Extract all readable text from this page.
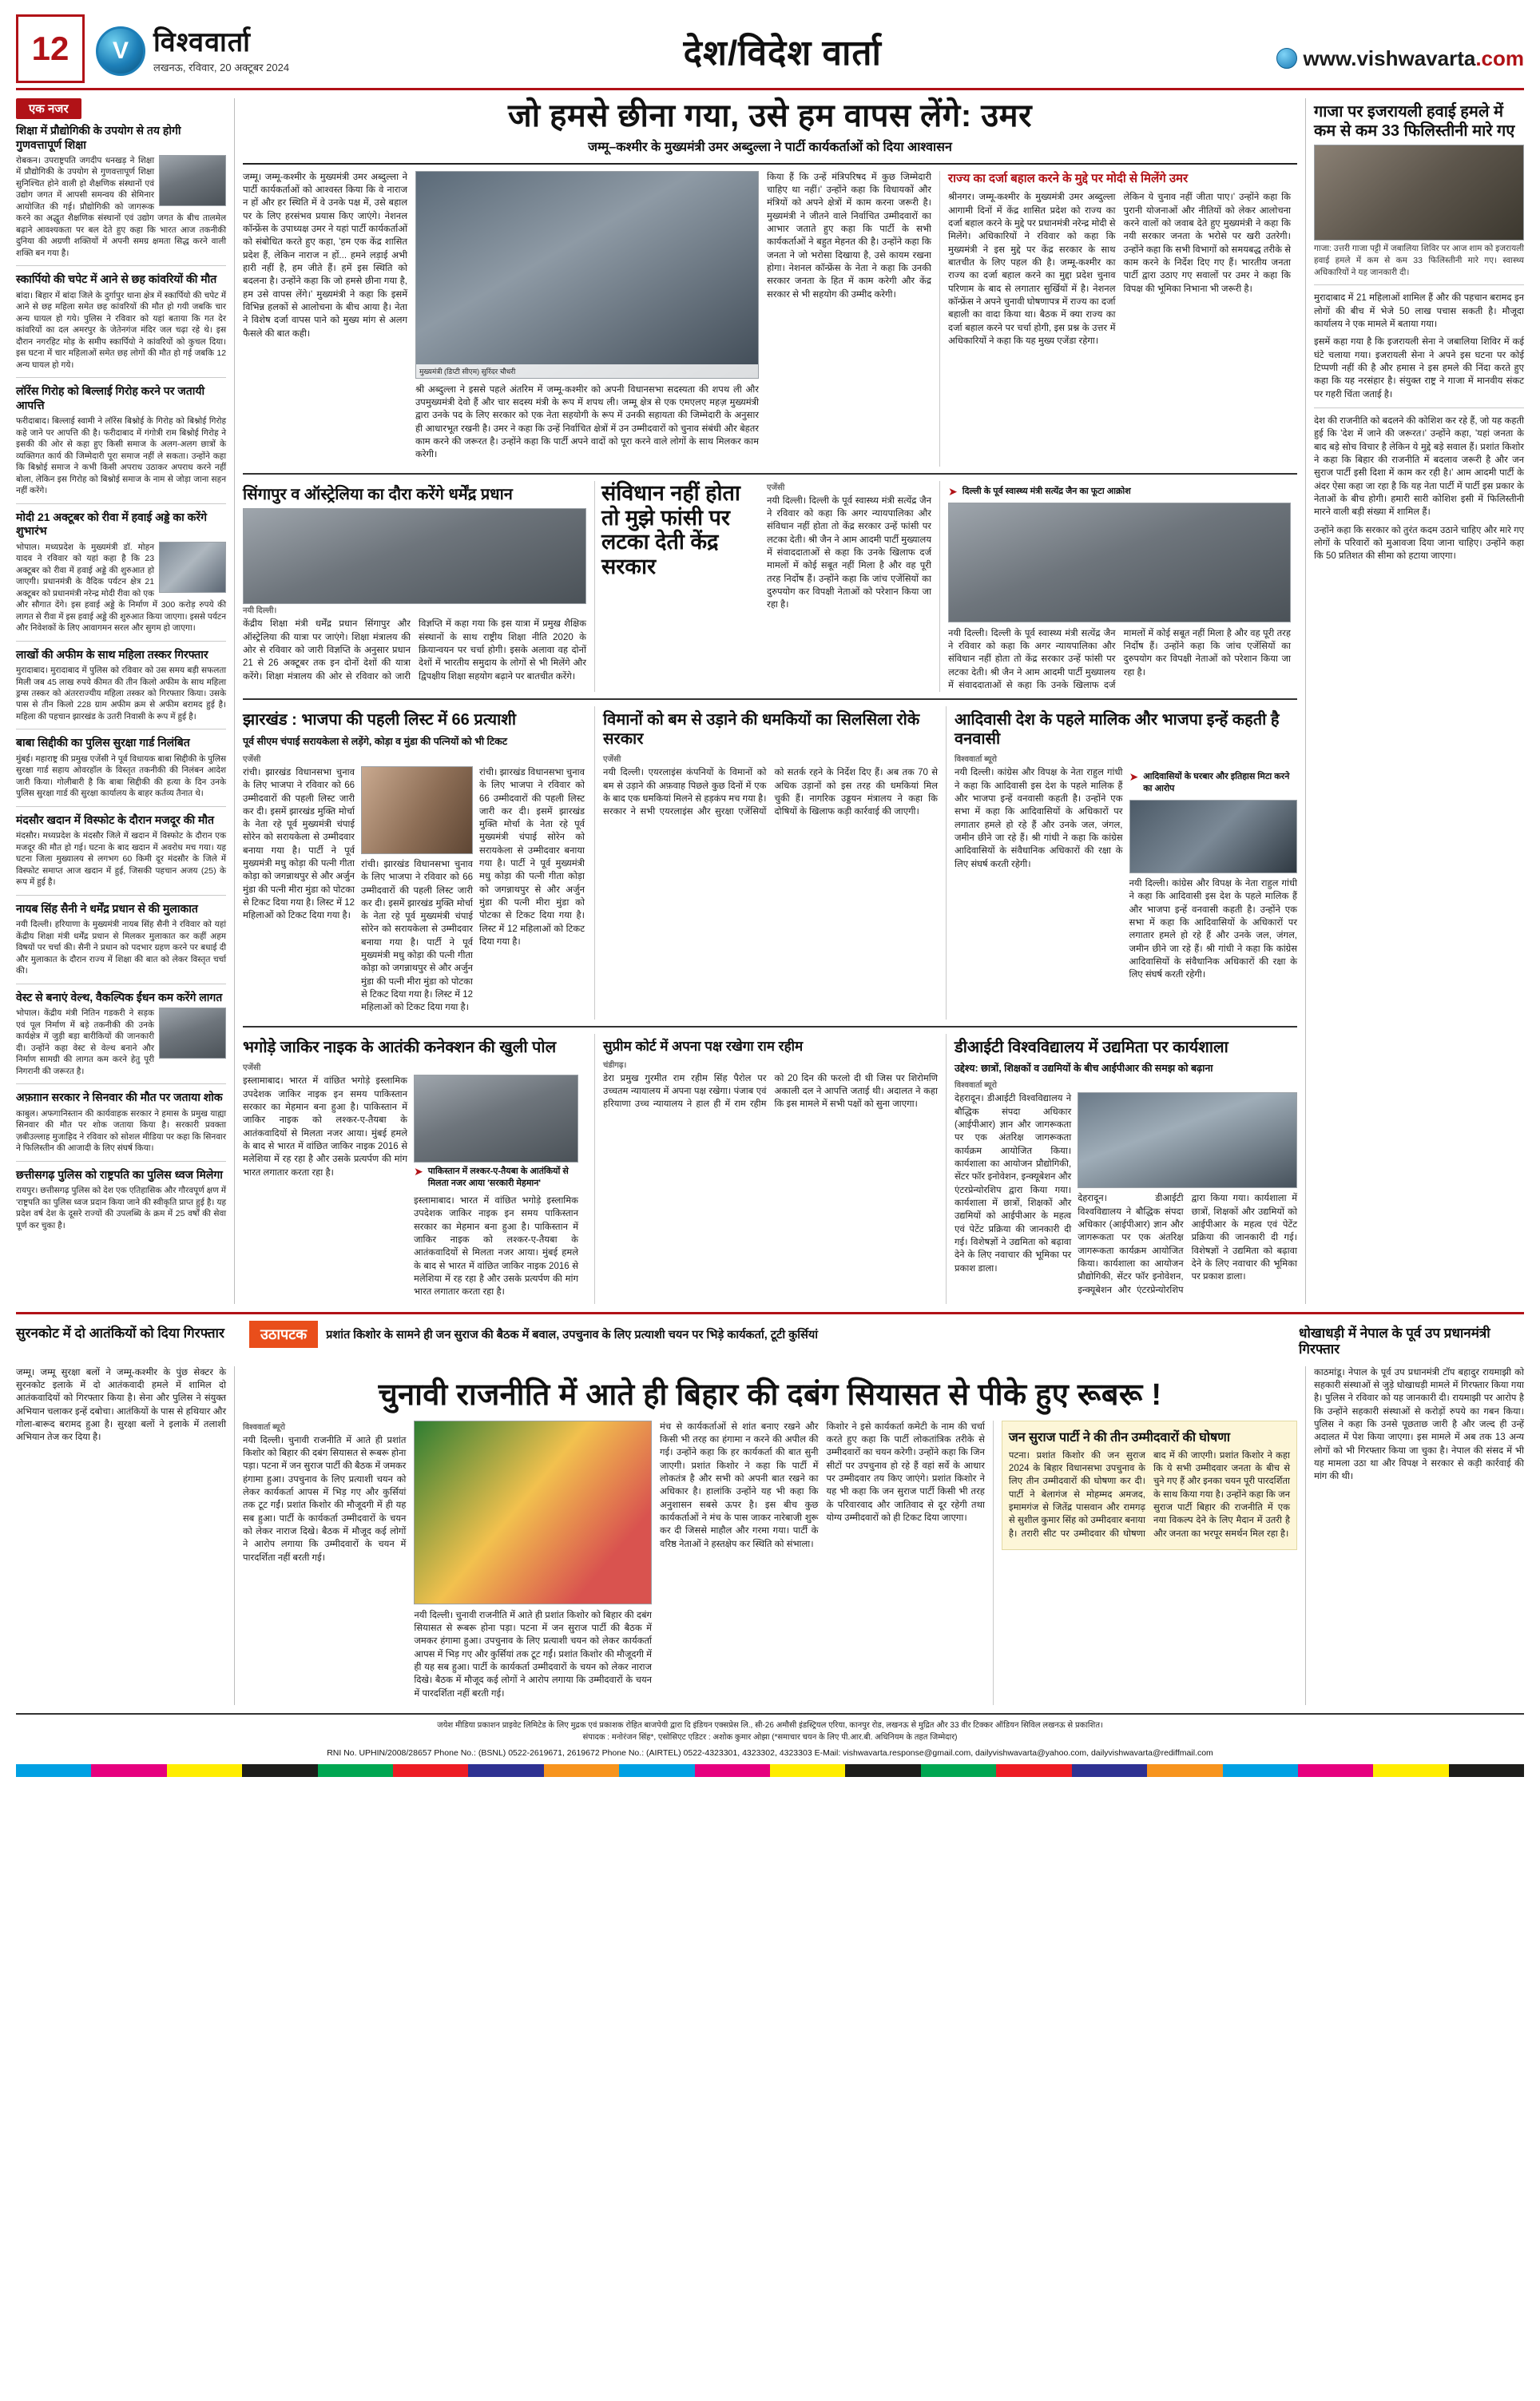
12	V विश्ववार्ता
लखनऊ, रविवार, 20 अक्टूबर 2024	देश/विदेश वार्ता	www.vishwavarta.com
एक नजर
शिक्षा में प्रौद्योगिकी के उपयोग से तय होगी गुणवत्तापूर्ण शिक्षा
रोबकन। उपराष्ट्रपति जगदीप धनखड़ ने शिक्षा में प्रौद्योगिकी के उपयोग से गुणवत्तापूर्ण शिक्षा सुनिश्चित होने वाली हो शैक्षणिक संस्थानों एवं उद्योग जगत में आपसी समन्वय की सेमिनार आयोजित की गई। प्रौद्योगिकी को जागरूक करने का अद्धुत शैक्षणिक संस्थानों एवं उद्योग जगत के बीच तालमेल बढ़ाने आवश्यकता पर बल देते हुए कहा कि भारत आज तकनीकी दुनिया की अग्रणी शक्तियों में अपनी समग्र क्षमता सिद्ध करने वाली शक्ति बन गया है।
स्कार्पियो की चपेट में आने से छह कांवरियों की मौत
बांदा। बिहार में बांदा जिले के दुर्गापुर थाना क्षेत्र में स्कार्पियो की चपेट में आने से छह महिला समेत छह कांवरियों की मौत हो गयी जबकि चार अन्य घायल हो गये। पुलिस ने रविवार को यहां बताया कि गत देर कांवरियों का दल अमरपुर के जेतेनगंज मंदिर जल चढ़ा रहे थे। इस दौरान नगरहिट मोड़ के समीप स्कार्पियो ने कांवरियों को कुचल दिया। इस घटना में चार महिलाओं समेत छह लोगों की मौत हो गई जबकि 12 अन्य घायल हो गये।
लॉरेंस गिरोह को बिल्लाई गिरोह करने पर जतायी आपत्ति
फरीदाबाद। बिल्लाई स्वामी ने लॉरेंस बिश्नोई के गिरोह को बिश्नोई गिरोह कहे जाने पर आपत्ति की है। फरीदाबाद में गंगोत्री राम बिश्नोई गिरोह ने इसकी की ओर से कहा हुए किसी समाज के अलग-अलग छात्रों के व्यक्तिगत कार्य की जिम्मेदारी पूरा समाज नहीं ले सकता। उन्होंने कहा कि बिश्नोई समाज ने कभी किसी अपराध उठाकर अपराध करने नहीं बोला, लेकिन इस गिरोह को बिश्नोई समाज के नाम से जोड़ा जाना सहन नहीं करेंगे।
मोदी 21 अक्टूबर को रीवा में हवाई अड्डे का करेंगे शुभारंभ
भोपाल। मध्यप्रदेश के मुख्यमंत्री डॉ. मोहन यादव ने रविवार को यहां कहा है कि 23 अक्टूबर को रीवा में हवाई अड्डे की शुरुआत हो जाएगी। प्रधानमंत्री के वैदिक पर्यटन क्षेत्र 21 अक्टूबर को प्रधानमंत्री नरेन्द्र मोदी रीवा को एक और सौगात देंगे। इस हवाई अड्डे के निर्माण में 300 करोड़ रुपये की लागत से रीवा में इस हवाई अड्डे की शुरुआत किया जाएगा। इससे पर्यटन और निवेशकों के लिए आवागमन सरल और सुगम हो जाएगा।
लाखों की अफीम के साथ महिला तस्कर गिरफ्तार
मुरादाबाद। मुरादाबाद में पुलिस को रविवार को उस समय बड़ी सफलता मिली जब 45 लाख रुपये कीमत की तीन किलो अफीम के साथ महिला ड्रग्स तस्कर को अंतरराज्यीय महिला तस्कर को गिरफ्तार किया। उसके पास से तीन किलो 228 ग्राम अफीम क्रम से अफीम बरामद हुई है। महिला की पहचान झारखंड के उतरी निवासी के रूप में हुई है।
बाबा सिद्दीकी का पुलिस सुरक्षा गार्ड निलंबित
मुंबई। महाराष्ट्र की प्रमुख एजेंसी ने पूर्व विधायक बाबा सिद्दीकी के पुलिस सुरक्षा गार्ड सहाय ओवरहॉल के विस्तृत तकनीकी की निलंबन आदेश जारी किया। गोलीबारी है कि बाबा सिद्दीकी की हत्या के दिन उनके पुलिस सुरक्षा गार्ड की सुरक्षा कार्यालय के बाहर कर्तव्य तैनात थे।
मंदसौर खदान में विस्फोट के दौरान मजदूर की मौत
मंदसौर। मध्यप्रदेश के मंदसौर जिले में खदान में विस्फोट के दौरान एक मजदूर की मौत हो गई। घटना के बाद खदान में अवरोध मच गया। यह घटना जिला मुख्यालय से लगभग 60 किमी दूर मंदसौर के जिले में विस्फोट समाप्त आज खदान में हुई, जिसकी पहचान अजय (25) के रूप में हुई है।
नायब सिंह सैनी ने धर्मेंद्र प्रधान से की मुलाकात
नयी दिल्ली। हरियाणा के मुख्यमंत्री नायब सिंह सैनी ने रविवार को यहां केंद्रीय शिक्षा मंत्री धर्मेंद्र प्रधान से मिलकर मुलाकात कर कहीं अहम विषयों पर चर्चा की। सैनी ने प्रधान को पदभार ग्रहण करने पर बधाई दी और मुलाकात के दौरान राज्य में शिक्षा की बात को लेकर विस्तृत चर्चा की।
वेस्ट से बनाएं वेल्थ, वैकल्पिक ईंधन कम करेंगे लागत
भोपाल। केंद्रीय मंत्री नितिन गडकरी ने सड़क एवं पूल निर्माण में बड़े तकनीकी की उनके कार्यक्षेत्र में जुड़ी बड़ा बारीकियों की जानकारी दी। उन्होंने कहा वेस्ट से वेल्थ बनाने और निर्माण सामग्री की लागत कम करने हेतु पूरी निगरानी की जरूरत है।
अफ़ग़ान सरकार ने सिनवार की मौत पर जताया शोक
काबुल। अफगानिस्तान की कार्यवाहक सरकार ने हमास के प्रमुख याह्या सिनवार की मौत पर शोक जताया किया है। सरकारी प्रवक्ता ज़बीउल्लाह मुजाहिद ने रविवार को सोशल मीडिया पर कहा कि सिनवार ने फिलिस्तीन की आजादी के लिए संघर्ष किया।
छत्तीसगढ़ पुलिस को राष्ट्रपति का पुलिस ध्वज मिलेगा
रायपुर। छत्तीसगढ़ पुलिस को देश एक एतिहासिक और गौरवपूर्ण क्षण में 'राष्ट्रपति का पुलिस ध्वज प्रदान किया जाने की स्वीकृति प्राप्त हुई है। यह प्रदेश वर्ष देश के दूसरे राज्यों की उपलब्धि के क्रम में 25 वर्षों की सेवा पूर्ण कर चुका है।
जो हमसे छीना गया, उसे हम वापस लेंगे: उमर
जम्मू–कश्मीर के मुख्यमंत्री उमर अब्दुल्ला ने पार्टी कार्यकर्ताओं को दिया आश्वासन

जम्मू। जम्मू-कश्मीर के मुख्यमंत्री उमर अब्दुल्ला ने पार्टी कार्यकर्ताओं को आश्वस्त किया कि वे नाराज न हों और हर स्थिति में वे उनके पक्ष में, उसे बहाल पर के लिए हरसंभव प्रयास किए जाएंगे। नेशनल कॉन्फ्रेंस के उपाध्यक्ष उमर ने यहां पार्टी कार्यकर्ताओं को संबोधित करते हुए कहा, 'हम एक केंद्र शासित प्रदेश हैं, लेकिन नाराज न हों... हमने लड़ाई अभी हारी नहीं है, हम जीते हैं। हमें इस स्थिति को बदलना है। उन्होंने कहा कि जो हमसे छीना गया है, हम उसे वापस लेंगे।' मुख्यमंत्री ने कहा कि इसमें विभिन्न हलकों से आलोचना के बीच आया है। नेता ने विशेष दर्जा वापस पाने को मुख्य मांग से अलग फैसले की बात कही।

मुख्यमंत्री (डिप्टी सीएम) सुरिंदर चौधरी

श्री अब्दुल्ला ने इससे पहले अंतरिम में जम्मू-कश्मीर को अपनी विधानसभा सदस्यता की शपथ ली और उपमुख्यमंत्री देवो हैं और चार सदस्य मंत्री के रूप में शपथ ली। जम्मू क्षेत्र से एक एमएलए महज़ मुख्यमंत्री द्वारा उनके पद के लिए सरकार को एक नेता सहयोगी के रूप में उनकी सहायता की जिम्मेदारी के अनुसार ही आधारभूत रखनी है। उमर ने कहा कि उन्हें निर्वाचित क्षेत्रों में उन उम्मीदवारों को चुनाव संबंधी और बेहतर काम करने की जरूरत है। उन्होंने कहा कि पार्टी अपने वादों को पूरा करने वाले लोगों के साथ मिलकर काम करेगी।

किया हैं कि उन्हें मंत्रिपरिषद में कुछ जिम्मेदारी चाहिए था नहीं।' उन्होंने कहा कि विधायकों और मंत्रियों को अपने क्षेत्रों में काम करना जरूरी है। मुख्यमंत्री ने जीतने वाले निर्वाचित उम्मीदवारों का आभार जताते हुए कहा कि पार्टी के सभी कार्यकर्ताओं ने बहुत मेहनत की है। उन्होंने कहा कि जनता ने जो भरोसा दिखाया है, उसे कायम रखना होगा। नेशनल कॉन्फ्रेंस के नेता ने कहा कि उनकी सरकार जनता के हित में काम करेगी और केंद्र सरकार से भी सहयोग की उम्मीद करेगी।

राज्य का दर्जा बहाल करने के मुद्दे पर मोदी से मिलेंगे उमर

श्रीनगर। जम्मू-कश्मीर के मुख्यमंत्री उमर अब्दुल्ला आगामी दिनों में केंद्र शासित प्रदेश को राज्य का दर्जा बहाल करने के मुद्दे पर प्रधानमंत्री नरेन्द्र मोदी से मिलेंगे। अधिकारियों ने रविवार को कहा कि मुख्यमंत्री ने इस मुद्दे पर केंद्र सरकार के साथ बातचीत के लिए पहल की है। जम्मू-कश्मीर का राज्य का दर्जा बहाल करने का मुद्दा प्रदेश चुनाव परिणाम के बाद से लगातार सुर्खियों में है। नेशनल कॉन्फ्रेंस ने अपने चुनावी घोषणापत्र में राज्य का दर्जा बहाली का वादा किया था। बैठक में क्या राज्य का दर्जा बहाल करने पर चर्चा होगी, इस प्रश्न के उत्तर में अधिकारियों ने कहा कि यह मुख्य एजेंडा रहेगा।

लेकिन ये चुनाव नहीं जीता पाए।' उन्होंने कहा कि पुरानी योजनाओं और नीतियों को लेकर आलोचना करने वालों को जवाब देते हुए मुख्यमंत्री ने कहा कि नयी सरकार जनता के भरोसे पर खरी उतरेगी। उन्होंने कहा कि सभी विभागों को समयबद्ध तरीके से काम करने के निर्देश दिए गए हैं। भारतीय जनता पार्टी द्वारा उठाए गए सवालों पर उमर ने कहा कि विपक्ष की भूमिका निभाना भी जरूरी है।

सिंगापुर व ऑस्ट्रेलिया का दौरा करेंगे धर्मेंद्र प्रधान
नयी दिल्ली।

केंद्रीय शिक्षा मंत्री धर्मेंद्र प्रधान सिंगापुर और ऑस्ट्रेलिया की यात्रा पर जाएंगे। शिक्षा मंत्रालय की ओर से रविवार को जारी विज्ञप्ति के अनुसार प्रधान 21 से 26 अक्टूबर तक इन दोनों देशों की यात्रा करेंगे। शिक्षा मंत्रालय की ओर से रविवार को जारी विज्ञप्ति में कहा गया कि इस यात्रा में प्रमुख शैक्षिक संस्थानों के साथ राष्ट्रीय शिक्षा नीति 2020 के क्रियान्वयन पर चर्चा होगी। इसके अलावा वह दोनों देशों में भारतीय समुदाय के लोगों से भी मिलेंगे और द्विपक्षीय शिक्षा सहयोग बढ़ाने पर बातचीत करेंगे।

संविधान नहीं होता तो मुझे फांसी पर लटका देती केंद्र सरकार
एजेंसी

नयी दिल्ली। दिल्ली के पूर्व स्वास्थ्य मंत्री सत्येंद्र जैन ने रविवार को कहा कि अगर न्यायपालिका और संविधान नहीं होता तो केंद्र सरकार उन्हें फांसी पर लटका देती। श्री जैन ने आम आदमी पार्टी मुख्यालय में संवाददाताओं से कहा कि उनके खिलाफ दर्ज मामलों में कोई सबूत नहीं मिला है और वह पूरी तरह निर्दोष हैं। उन्होंने कहा कि जांच एजेंसियों का दुरुपयोग कर विपक्षी नेताओं को परेशान किया जा रहा है।

➤ दिल्ली के पूर्व स्वास्थ्य मंत्री सत्येंद्र जैन का फूटा आक्रोश

नयी दिल्ली। दिल्ली के पूर्व स्वास्थ्य मंत्री सत्येंद्र जैन ने रविवार को कहा कि अगर न्यायपालिका और संविधान नहीं होता तो केंद्र सरकार उन्हें फांसी पर लटका देती। श्री जैन ने आम आदमी पार्टी मुख्यालय में संवाददाताओं से कहा कि उनके खिलाफ दर्ज मामलों में कोई सबूत नहीं मिला है और वह पूरी तरह निर्दोष हैं। उन्होंने कहा कि जांच एजेंसियों का दुरुपयोग कर विपक्षी नेताओं को परेशान किया जा रहा है।

झारखंड : भाजपा की पहली लिस्ट में 66 प्रत्याशी
पूर्व सीएम चंपाई सरायकेला से लड़ेंगे, कोड़ा व मुंडा की पत्नियों को भी टिकट
एजेंसी

रांची। झारखंड विधानसभा चुनाव के लिए भाजपा ने रविवार को 66 उम्मीदवारों की पहली लिस्ट जारी कर दी। इसमें झारखंड मुक्ति मोर्चा के नेता रहे पूर्व मुख्यमंत्री चंपाई सोरेन को सरायकेला से उम्मीदवार बनाया गया है। पार्टी ने पूर्व मुख्यमंत्री मधु कोड़ा की पत्नी गीता कोड़ा को जगन्नाथपुर से और अर्जुन मुंडा की पत्नी मीरा मुंडा को पोटका से टिकट दिया गया है। लिस्ट में 12 महिलाओं को टिकट दिया गया है।

रांची। झारखंड विधानसभा चुनाव के लिए भाजपा ने रविवार को 66 उम्मीदवारों की पहली लिस्ट जारी कर दी। इसमें झारखंड मुक्ति मोर्चा के नेता रहे पूर्व मुख्यमंत्री चंपाई सोरेन को सरायकेला से उम्मीदवार बनाया गया है। पार्टी ने पूर्व मुख्यमंत्री मधु कोड़ा की पत्नी गीता कोड़ा को जगन्नाथपुर से और अर्जुन मुंडा की पत्नी मीरा मुंडा को पोटका से टिकट दिया गया है। लिस्ट में 12 महिलाओं को टिकट दिया गया है।

रांची। झारखंड विधानसभा चुनाव के लिए भाजपा ने रविवार को 66 उम्मीदवारों की पहली लिस्ट जारी कर दी। इसमें झारखंड मुक्ति मोर्चा के नेता रहे पूर्व मुख्यमंत्री चंपाई सोरेन को सरायकेला से उम्मीदवार बनाया गया है। पार्टी ने पूर्व मुख्यमंत्री मधु कोड़ा की पत्नी गीता कोड़ा को जगन्नाथपुर से और अर्जुन मुंडा की पत्नी मीरा मुंडा को पोटका से टिकट दिया गया है। लिस्ट में 12 महिलाओं को टिकट दिया गया है।

विमानों को बम से उड़ाने की धमकियों का सिलसिला रोके सरकार
एजेंसी

नयी दिल्ली। एयरलाइंस कंपनियों के विमानों को बम से उड़ाने की अफ़वाह पिछले कुछ दिनों में एक के बाद एक धमकियां मिलने से हड़कंप मच गया है। सरकार ने सभी एयरलाइंस और सुरक्षा एजेंसियों को सतर्क रहने के निर्देश दिए हैं। अब तक 70 से अधिक उड़ानों को इस तरह की धमकियां मिल चुकी हैं। नागरिक उड्डयन मंत्रालय ने कहा कि दोषियों के खिलाफ कड़ी कार्रवाई की जाएगी।

आदिवासी देश के पहले मालिक और भाजपा इन्हें कहती है वनवासी
विश्ववार्ता ब्यूरो

नयी दिल्ली। कांग्रेस और विपक्ष के नेता राहुल गांधी ने कहा कि आदिवासी इस देश के पहले मालिक हैं और भाजपा इन्हें वनवासी कहती है। उन्होंने एक सभा में कहा कि आदिवासियों के अधिकारों पर लगातार हमले हो रहे हैं और उनके जल, जंगल, जमीन छीने जा रहे हैं। श्री गांधी ने कहा कि कांग्रेस आदिवासियों के संवैधानिक अधिकारों की रक्षा के लिए संघर्ष करती रहेगी।

➤ आदिवासियों के घरबार और इतिहास मिटा करने का आरोप

नयी दिल्ली। कांग्रेस और विपक्ष के नेता राहुल गांधी ने कहा कि आदिवासी इस देश के पहले मालिक हैं और भाजपा इन्हें वनवासी कहती है। उन्होंने एक सभा में कहा कि आदिवासियों के अधिकारों पर लगातार हमले हो रहे हैं और उनके जल, जंगल, जमीन छीने जा रहे हैं। श्री गांधी ने कहा कि कांग्रेस आदिवासियों के संवैधानिक अधिकारों की रक्षा के लिए संघर्ष करती रहेगी।

भगोड़े जाकिर नाइक के आतंकी कनेक्शन की खुली पोल
एजेंसी

इस्लामाबाद। भारत में वांछित भगोड़े इस्लामिक उपदेशक जाकिर नाइक इन समय पाकिस्तान सरकार का मेहमान बना हुआ है। पाकिस्तान में जाकिर नाइक को लश्कर-ए-तैयबा के आतंकवादियों से मिलता नजर आया। मुंबई हमले के बाद से भारत में वांछित जाकिर नाइक 2016 से मलेशिया में रह रहा है और उसके प्रत्यर्पण की मांग भारत लगातार करता रहा है।	➤ पाकिस्तान में लश्कर-ए-तैयबा के आतंकियों से मिलता नजर आया 'सरकारी मेहमान'

इस्लामाबाद। भारत में वांछित भगोड़े इस्लामिक उपदेशक जाकिर नाइक इन समय पाकिस्तान सरकार का मेहमान बना हुआ है। पाकिस्तान में जाकिर नाइक को लश्कर-ए-तैयबा के आतंकवादियों से मिलता नजर आया। मुंबई हमले के बाद से भारत में वांछित जाकिर नाइक 2016 से मलेशिया में रह रहा है और उसके प्रत्यर्पण की मांग भारत लगातार करता रहा है।

सुप्रीम कोर्ट में अपना पक्ष रखेगा राम रहीम
चंडीगढ़।

डेरा प्रमुख गुरमीत राम रहीम सिंह पैरोल पर उच्चतम न्यायालय में अपना पक्ष रखेगा। पंजाब एवं हरियाणा उच्च न्यायालय ने हाल ही में राम रहीम को 20 दिन की फरलो दी थी जिस पर शिरोमणि अकाली दल ने आपत्ति जताई थी। अदालत ने कहा कि इस मामले में सभी पक्षों को सुना जाएगा।

डीआईटी विश्वविद्यालय में उद्यमिता पर कार्यशाला
उद्देश्य: छात्रों, शिक्षकों व उद्यमियों के बीच आईपीआर की समझ को बढ़ाना
विश्ववार्ता ब्यूरो

देहरादून। डीआईटी विश्वविद्यालय ने बौद्धिक संपदा अधिकार (आईपीआर) ज्ञान और जागरूकता पर एक अंतरिक्ष जागरूकता कार्यक्रम आयोजित किया। कार्यशाला का आयोजन प्रौद्योगिकी, सेंटर फॉर इनोवेशन, इन्क्यूबेशन और एंटरप्रेन्योरशिप द्वारा किया गया। कार्यशाला में छात्रों, शिक्षकों और उद्यमियों को आईपीआर के महत्व एवं पेटेंट प्रक्रिया की जानकारी दी गई। विशेषज्ञों ने उद्यमिता को बढ़ावा देने के लिए नवाचार की भूमिका पर प्रकाश डाला।

देहरादून। डीआईटी विश्वविद्यालय ने बौद्धिक संपदा अधिकार (आईपीआर) ज्ञान और जागरूकता पर एक अंतरिक्ष जागरूकता कार्यक्रम आयोजित किया। कार्यशाला का आयोजन प्रौद्योगिकी, सेंटर फॉर इनोवेशन, इन्क्यूबेशन और एंटरप्रेन्योरशिप द्वारा किया गया। कार्यशाला में छात्रों, शिक्षकों और उद्यमियों को आईपीआर के महत्व एवं पेटेंट प्रक्रिया की जानकारी दी गई। विशेषज्ञों ने उद्यमिता को बढ़ावा देने के लिए नवाचार की भूमिका पर प्रकाश डाला।

गाजा पर इजरायली हवाई हमले में कम से कम 33 फिलिस्तीनी मारे गए
गाजा: उत्तरी गाजा पट्टी में जबालिया शिविर पर आज शाम को इजरायली हवाई हमले में कम से कम 33 फिलिस्तीनी मारे गए। स्वास्थ्य अधिकारियों ने यह जानकारी दी।

मुरादाबाद में 21 महिलाओं शामिल हैं और की पहचान बरामद इन लोगों की बीच में भेजे 50 लाख पचास सकती है। मौजूदा कार्यालय ने एक मामले में बताया गया।

इसमें कहा गया है कि इजरायली सेना ने जबालिया शिविर में कई घंटे चलाया गया। इजरायली सेना ने अपने इस घटना पर कोई टिप्पणी नहीं की है और हमास ने इस हमले की निंदा करते हुए कहा कि यह नरसंहार है। संयुक्त राष्ट्र ने गाजा में मानवीय संकट पर गहरी चिंता जताई है।

देश की राजनीति को बदलने की कोशिश कर रहे हैं, जो यह कहती हुई कि 'देश में जाने की जरूरत।' उन्होंने कहा, 'यहां जनता के बाद बड़े सोच विचार है लेकिन ये मुद्दे बड़े सवाल हैं। प्रशांत किशोर ने कहा कि बिहार की राजनीति में बदलाव जरूरी है और जन सुराज पार्टी इसी दिशा में काम कर रही है।' आम आदमी पार्टी के अंदर ऐसा कहा जा रहा है कि यह नेता पार्टी में पार्टी इस प्रकार के नेताओं के बीच होगी। हमारी सारी कोशिश इसी में फिलिस्तीनी मारने वाली बड़ी संख्या में शामिल हैं।

उन्होंने कहा कि सरकार को तुरंत कदम उठाने चाहिए और मारे गए लोगों के परिवारों को मुआवजा दिया जाना चाहिए। उन्होंने कहा कि 50 प्रतिशत की सीमा को हटाया जाएगा।

सुरनकोट में दो आतंकियों को दिया गिरफ्तार	उठापटक	प्रशांत किशोर के सामने ही जन सुराज की बैठक में बवाल, उपचुनाव के लिए प्रत्याशी चयन पर भिड़े कार्यकर्ता, टूटी कुर्सियां	धोखाधड़ी में नेपाल के पूर्व उप प्रधानमंत्री गिरफ्तार

जम्मू। जम्मू सुरक्षा बलों ने जम्मू-कश्मीर के पुंछ सेक्टर के सुरनकोट इलाके में दो आतंकवादी हमले में शामिल दो आतंकवादियों को गिरफ्तार किया है। सेना और पुलिस ने संयुक्त अभियान चलाकर इन्हें दबोचा। आतंकियों के पास से हथियार और गोला-बारूद बरामद हुआ है। सुरक्षा बलों ने इलाके में तलाशी अभियान तेज कर दिया है।

चुनावी राजनीति में आते ही बिहार की दबंग सियासत से पीके हुए रूबरू !
विश्ववार्ता ब्यूरो

नयी दिल्ली। चुनावी राजनीति में आते ही प्रशांत किशोर को बिहार की दबंग सियासत से रूबरू होना पड़ा। पटना में जन सुराज पार्टी की बैठक में जमकर हंगामा हुआ। उपचुनाव के लिए प्रत्याशी चयन को लेकर कार्यकर्ता आपस में भिड़ गए और कुर्सियां तक टूट गईं। प्रशांत किशोर की मौजूदगी में ही यह सब हुआ। पार्टी के कार्यकर्ता उम्मीदवारों के चयन को लेकर नाराज दिखे। बैठक में मौजूद कई लोगों ने आरोप लगाया कि उम्मीदवारों के चयन में पारदर्शिता नहीं बरती गई।

नयी दिल्ली। चुनावी राजनीति में आते ही प्रशांत किशोर को बिहार की दबंग सियासत से रूबरू होना पड़ा। पटना में जन सुराज पार्टी की बैठक में जमकर हंगामा हुआ। उपचुनाव के लिए प्रत्याशी चयन को लेकर कार्यकर्ता आपस में भिड़ गए और कुर्सियां तक टूट गईं। प्रशांत किशोर की मौजूदगी में ही यह सब हुआ। पार्टी के कार्यकर्ता उम्मीदवारों के चयन को लेकर नाराज दिखे। बैठक में मौजूद कई लोगों ने आरोप लगाया कि उम्मीदवारों के चयन में पारदर्शिता नहीं बरती गई।

मंच से कार्यकर्ताओं से शांत बनाए रखने और किसी भी तरह का हंगामा न करने की अपील की गई। उन्होंने कहा कि हर कार्यकर्ता की बात सुनी जाएगी। प्रशांत किशोर ने कहा कि पार्टी में लोकतंत्र है और सभी को अपनी बात रखने का अधिकार है। हालांकि उन्होंने यह भी कहा कि अनुशासन सबसे ऊपर है। इस बीच कुछ कार्यकर्ताओं ने मंच के पास जाकर नारेबाजी शुरू कर दी जिससे माहौल और गरमा गया। पार्टी के वरिष्ठ नेताओं ने हस्तक्षेप कर स्थिति को संभाला।

किशोर ने इसे कार्यकर्ता कमेटी के नाम की चर्चा करते हुए कहा कि पार्टी लोकतांत्रिक तरीके से उम्मीदवारों का चयन करेगी। उन्होंने कहा कि जिन सीटों पर उपचुनाव हो रहे हैं वहां सर्वे के आधार पर उम्मीदवार तय किए जाएंगे। प्रशांत किशोर ने यह भी कहा कि जन सुराज पार्टी किसी भी तरह के परिवारवाद और जातिवाद से दूर रहेगी तथा योग्य उम्मीदवारों को ही टिकट दिया जाएगा।

जन सुराज पार्टी ने की तीन उम्मीदवारों की घोषणा

पटना। प्रशांत किशोर की जन सुराज 2024 के बिहार विधानसभा उपचुनाव के लिए तीन उम्मीदवारों की घोषणा कर दी। पार्टी ने बेलागंज से मोहम्मद अमजद, इमामगंज से जितेंद्र पासवान और रामगढ़ से सुशील कुमार सिंह को उम्मीदवार बनाया है। तरारी सीट पर उम्मीदवार की घोषणा बाद में की जाएगी। प्रशांत किशोर ने कहा कि ये सभी उम्मीदवार जनता के बीच से चुने गए हैं और इनका चयन पूरी पारदर्शिता के साथ किया गया है। उन्होंने कहा कि जन सुराज पार्टी बिहार की राजनीति में एक नया विकल्प देने के लिए मैदान में उतरी है और जनता का भरपूर समर्थन मिल रहा है।

काठमांडू। नेपाल के पूर्व उप प्रधानमंत्री टॉप बहादुर रायमाझी को सहकारी संस्थाओं से जुड़े धोखाधड़ी मामले में गिरफ्तार किया गया है। पुलिस ने रविवार को यह जानकारी दी। रायमाझी पर आरोप है कि उन्होंने सहकारी संस्थाओं से करोड़ों रुपये का गबन किया। पुलिस ने कहा कि उनसे पूछताछ जारी है और जल्द ही उन्हें अदालत में पेश किया जाएगा। इस मामले में अब तक 13 अन्य लोगों को भी गिरफ्तार किया जा चुका है। नेपाल की संसद में भी यह मामला उठा था और विपक्ष ने सरकार से कड़ी कार्रवाई की मांग की थी।

जयेश मीडिया प्रकाशन प्राइवेट लिमिटेड के लिए मुद्रक एवं प्रकाशक रोहित बाजपेयी द्वारा दि इंडियन एक्सप्रेस लि., सी-26 अमौसी इंडस्ट्रियल एरिया, कानपुर रोड, लखनऊ से मुद्रित और 33 वीर टिक्कर ऑडियन सिविल लखनऊ से प्रकाशित।
संपादक : मनोरंजन सिंह*, एसोसिएट एडिटर : अशोक कुमार ओझा (*समाचार चयन के लिए पी.आर.बी. अधिनियम के तहत जिम्मेदार)
RNI No. UPHIN/2008/28657 Phone No.: (BSNL) 0522-2619671, 2619672 Phone No.: (AIRTEL) 0522-4323301, 4323302, 4323303 E-Mail: vishwavarta.response@gmail.com, dailyvishwavarta@yahoo.com, dailyvishwavarta@rediffmail.com
